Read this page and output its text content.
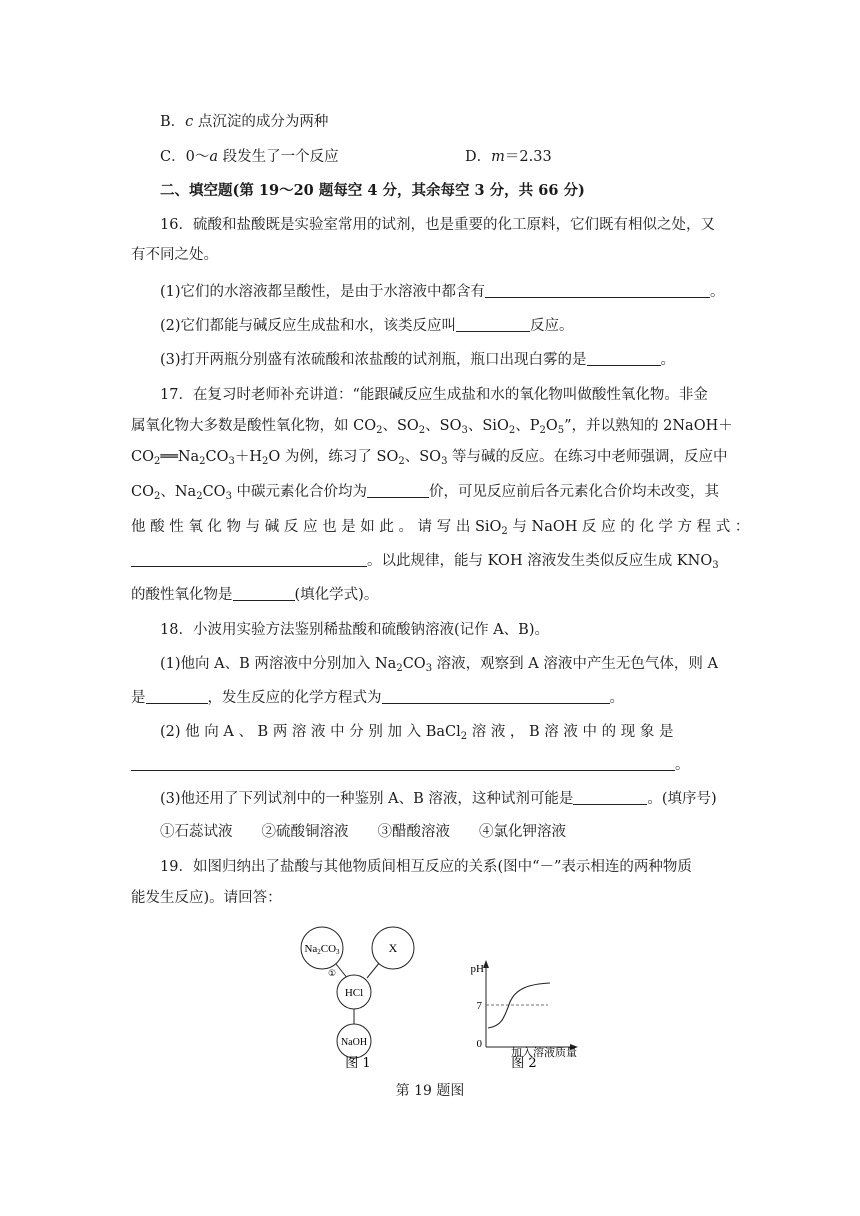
B．c 点沉淀的成分为两种
C．0～a 段发生了一个反应	D．m＝2.33
二、填空题(第 19～20 题每空 4 分，其余每空 3 分，共 66 分)
16．硫酸和盐酸既是实验室常用的试剂，也是重要的化工原料，它们既有相似之处，又
有不同之处。
(1)它们的水溶液都呈酸性，是由于水溶液中都含有	。
(2)它们都能与碱反应生成盐和水，该类反应叫	反应。
(3)打开两瓶分别盛有浓硫酸和浓盐酸的试剂瓶，瓶口出现白雾的是	。
17．在复习时老师补充讲道：“能跟碱反应生成盐和水的氧化物叫做酸性氧化物。非金
属氧化物大多数是酸性氧化物，如 $CO_2$、$SO_2$、$SO_3$、SiO$_2$、$P_2O_5$”，并以熟知的 2NaOH＋
$CO_2══Na_2CO_3+H_2O$ 为例，练习了 $SO_2$、$SO_3$ 等与碱的反应。在练习中老师强调，反应中
$CO_2$、$Na_2CO_3$ 中碳元素化合价均为	价，可见反应前后各元素化合价均未改变，其
他 酸 性 氧 化 物 与 碱 反 应 也 是 如 此 。 请 写 出 SiO$_2$ 与 NaOH 反 应 的 化 学 方 程 式 ：
。以此规律，能与 KOH 溶液发生类似反应生成 $KNO_3$
的酸性氧化物是	(填化学式)。
18．小波用实验方法鉴别稀盐酸和硫酸钠溶液(记作 A、B)。
(1)他向 A、B 两溶液中分别加入 $Na_2CO_3$ 溶液，观察到 A 溶液中产生无色气体，则 A
是	，发生反应的化学方程式为	。
(2) 他 向 A 、 B 两 溶 液 中 分 别 加 入 BaCl$_2$ 溶 液 ， B 溶 液 中 的 现 象 是
。
(3)他还用了下列试剂中的一种鉴别 A、B 溶液，这种试剂可能是	。(填序号)
①石蕊试液　　②硫酸铜溶液　　③醋酸溶液　　④氯化钾溶液
19．如图归纳出了盐酸与其他物质间相互反应的关系(图中“－”表示相连的两种物质
能发生反应)。请回答：
Na2CO3	X
HCl
①
NaOH
图 1
pH
7
0
加入溶液质量
图 2
第 19 题图
